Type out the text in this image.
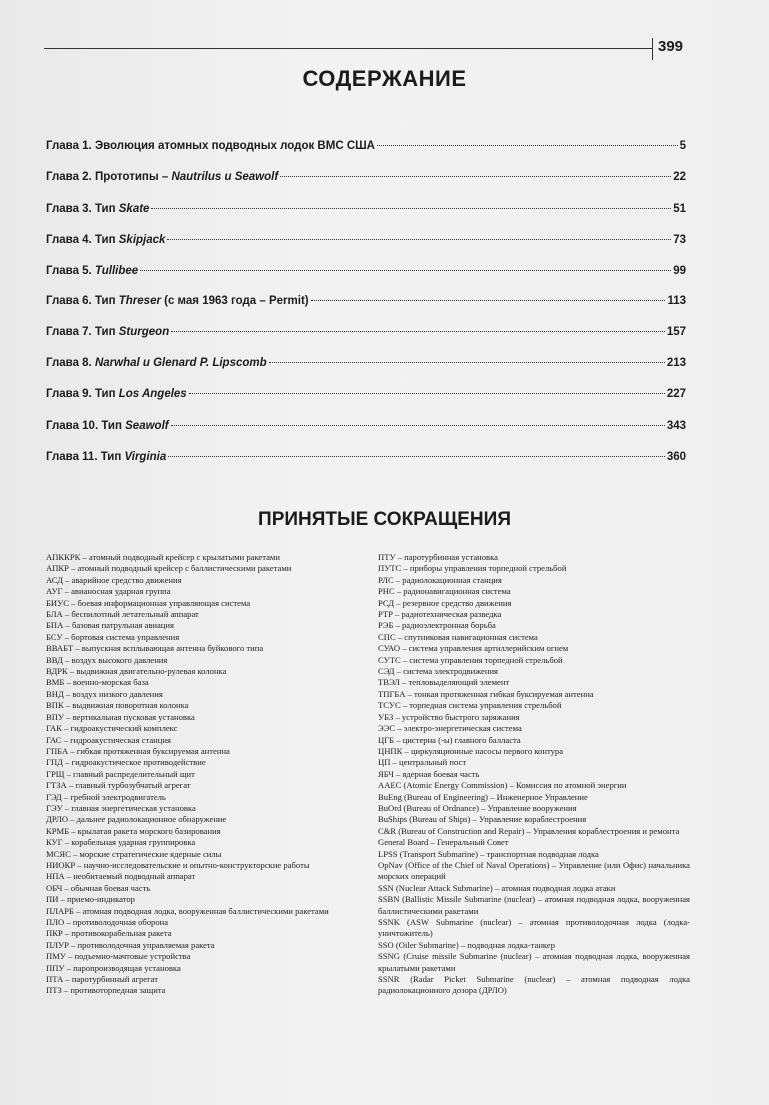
399
СОДЕРЖАНИЕ
Глава 1. Эволюция атомных подводных лодок ВМС США	5
Глава 2. Прототипы – Nautrilus и Seawolf	22
Глава 3. Тип Skate	51
Глава 4. Тип Skipjack	73
Глава 5. Tullibee	99
Глава 6. Тип Threser (с мая 1963 года – Permit)	113
Глава 7. Тип Sturgeon	157
Глава 8. Narwhal и Glenard P. Lipscomb	213
Глава 9. Тип Los Angeles	227
Глава 10. Тип Seawolf	343
Глава 11. Тип Virginia	360
ПРИНЯТЫЕ СОКРАЩЕНИЯ
АПККРК – атомный подводный крейсер с крылатыми ракетами
АПКР – атомный подводный крейсер с баллистическими ракетами
АСД – аварийное средство движения
АУГ – авианосная ударная группа
БИУС – боевая информационная управляющая система
БЛА – беспилотный летательный аппарат
БПА – базовая патрульная авиация
БСУ – бортовая система управления
ВВАБТ – выпускная всплывающая антенна буйкового типа
ВВД – воздух высокого давления
ВДРК – выдвижная двигательно-рулевая колонка
ВМБ – военно-морская база
ВНД – воздух низкого давления
ВПК – выдвижная поворотная колонка
ВПУ – вертикальная пусковая установка
ГАК – гидроакустический комплекс
ГАС – гидроакустическая станция
ГПБА – гибкая протяженная буксируемая антенна
ГПД – гидроакустическое противодействие
ГРЩ – главный распределительный щит
ГТЗА – главный турбозубчатый агрегат
ГЭД – гребной электродвигатель
ГЭУ – главная энергетическая установка
ДРЛО – дальнее радиолокационное обнаружение
КРМБ – крылатая ракета морского базирования
КУГ – корабельная ударная группировка
МСЯС – морские стратегические ядерные силы
НИОКР – научно-исследовательские и опытно-конструкторские работы
НПА – необитаемый подводный аппарат
ОБЧ – обычная боевая часть
ПИ – приемо-индикатор
ПЛАРБ – атомная подводная лодка, вооруженная баллистическими ракетами
ПЛО – противолодочная оборона
ПКР – противокорабельная ракета
ПЛУР – противолодочная управляемая ракета
ПМУ – подъемно-мачтовые устройства
ППУ – паропроизводящая установка
ПТА – паротурбинный агрегат
ПТЗ – противоторпедная защита
ПТУ – паротурбинная установка
ПУТС – приборы управления торпедной стрельбой
РЛС – радиолокационная станция
РНС – радионавигационная система
РСД – резервное средство движения
РТР – радиотехническая разведка
РЭБ – радиоэлектронная борьба
СПС – спутниковая навигационная система
СУАО – система управления артиллерийским огнем
СУТС – система управления торпедной стрельбой
СЭД – система электродвижения
ТВЭЛ – тепловыделяющий элемент
ТПГБА – тонкая протяженная гибкая буксируемая антенна
ТСУС – торпедная система управления стрельбой
УБЗ – устройство быстрого заряжания
ЭЭС – электро-энергетическая система
ЦГБ – цистерна (-ы) главного балласта
ЦНПК – циркуляционные насосы первого контура
ЦП – центральный пост
ЯБЧ – ядерная боевая часть
AAEC (Atomic Energy Commission) – Комиссия по атомной энергии
BuEng (Bureau of Engineering) – Инженерное Управление
BuOrd (Bureau of Ordnance) – Управление вооружения
BuShips (Bureau of Ships) – Управление кораблестроения
C&R (Bureau of Construction and Repair) – Управления кораблестроения и ремонта
General Board – Генеральный Совет
LPSS (Transport Submarine) – транспортная подводная лодка
OpNav (Office of the Chief of Naval Operations) – Управление (или Офис) начальника морских операций
SSN (Nuclear Attack Submarine) – атомная подводная лодка атаки
SSBN (Ballistic Missile Submarine (nuclear) – атомная подводная лодка, вооруженная баллистическими ракетами
SSNK (ASW Submarine (nuclear) – атомная противолодочная лодка (лодка-уничтожитель)
SSO (Oiler Submarine) – подводная лодка-танкер
SSNG (Cruise missile Submarine (nuclear) – атомная подводная лодка, вооруженная крылатыми ракетами
SSNR (Radar Picket Submarine (nuclear) – атомная подводная лодка радиолокационного дозора (ДРЛО)
